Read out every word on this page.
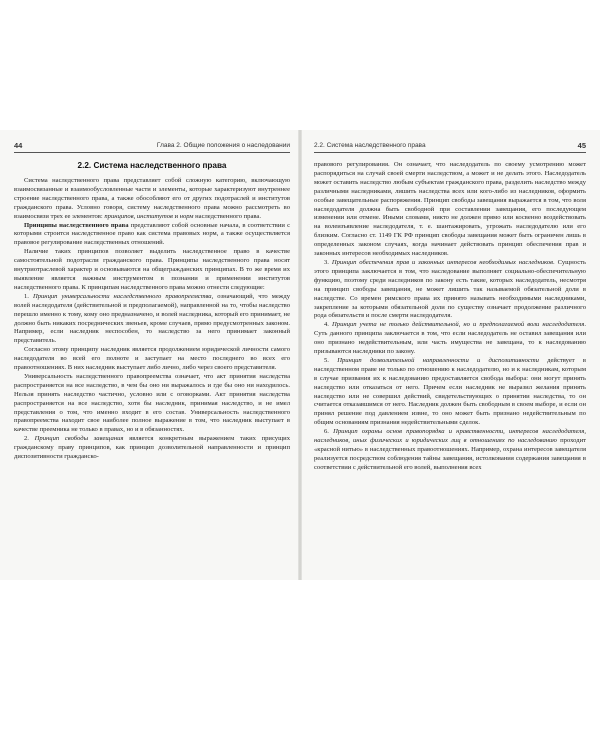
44	Глава 2. Общие положения о наследовании
2.2. Система наследственного права

Система наследственного права представляет собой сложную категорию, включающую взаимосвязанные и взаимообусловленные части и элементы, которые характеризуют внутреннее строение наследственного права, а также обособляют его от других подотраслей и институтов гражданского права. Условно говоря, систему наследственного права можно рассмотреть во взаимосвязи трех ее элементов: принципов, институтов и норм наследственного права.

Принципы наследственного права представляют собой основные начала, в соответствии с которыми строится наследственное право как система правовых норм, а также осуществляется правовое регулирование наследственных отношений.

Наличие таких принципов позволяет выделить наследственное право в качестве самостоятельной подотрасли гражданского права. Принципы наследственного права носят внутриотраслевой характер и основываются на общегражданских принципах. В то же время их выявление является важным инструментом в познании и применении институтов наследственного права. К принципам наследственного права можно отнести следующие:

1. Принцип универсальности наследственного правопреемства, означающий, что между волей наследодателя (действительной и предполагаемой), направленной на то, чтобы наследство перешло именно к тому, кому оно предназначено, и волей наследника, который его принимает, не должно быть никаких посреднических звеньев, кроме случаев, прямо предусмотренных законом. Например, если наследник неспособен, то наследство за него принимает законный представитель.

Согласно этому принципу наследник является продолжением юридической личности самого наследодателя во всей его полноте и заступает на место последнего во всех его правоотношениях. В них наследник выступает либо лично, либо через своего представителя.

Универсальность наследственного правопреемства означает, что акт принятия наследства распространяется на все наследство, в чем бы оно ни выражалось и где бы оно ни находилось. Нельзя принять наследство частично, условно или с оговорками. Акт принятия наследства распространяется на все наследство, хотя бы наследник, принимая наследство, и не имел представления о том, что именно входит в его состав. Универсальность наследственного правопреемства находит свое наиболее полное выражение в том, что наследник выступает в качестве преемника не только в правах, но и в обязанностях.

2. Принцип свободы завещания является конкретным выражением таких присущих гражданскому праву принципов, как принцип дозволительной направленности и принцип диспозитивности гражданско-

2.2. Система наследственного права	45

правового регулирования. Он означает, что наследодатель по своему усмотрению может распорядиться на случай своей смерти наследством, а может и не делать этого. Наследодатель может оставить наследство любым субъектам гражданского права, разделить наследство между различными наследниками, лишить наследства всех или кого-либо из наследников, оформить особые завещательные распоряжения. Принцип свободы завещания выражается в том, что воля наследодателя должна быть свободной при составлении завещания, его последующем изменении или отмене. Иными словами, никто не должен прямо или косвенно воздействовать на волеизъявление наследодателя, т. е. шантажировать, угрожать наследодателю или его близким. Согласно ст. 1149 ГК РФ принцип свободы завещания может быть ограничен лишь в определенных законом случаях, когда начинает действовать принцип обеспечения прав и законных интересов необходимых наследников.

3. Принцип обеспечения прав и законных интересов необходимых наследников. Сущность этого принципа заключается в том, что наследование выполняет социально-обеспечительную функцию, поэтому среди наследников по закону есть такие, которых наследодатель, несмотря на принцип свободы завещания, не может лишить так называемой обязательной доли в наследстве. Со времен римского права их принято называть необходимыми наследниками, закрепление за которыми обязательной доли по существу означает продолжение различного рода обязательств и после смерти наследодателя.

4. Принцип учета не только действительной, но и предполагаемой воли наследодателя. Суть данного принципа заключается в том, что если наследодатель не оставил завещания или оно признано недействительным, или часть имущества не завещана, то к наследованию призываются наследники по закону.

5. Принцип дозволительной направленности и диспозитивности действует в наследственном праве не только по отношению к наследодателю, но и к наследникам, которым в случае призвания их к наследованию предоставляется свобода выбора: они могут принять наследство или отказаться от него. Причем если наследник не выразил желания принять наследство или не совершил действий, свидетельствующих о принятии наследства, то он считается отказавшимся от него. Наследник должен быть свободным в своем выборе, и если он принял решение под давлением извне, то оно может быть признано недействительным по общим основаниям признания недействительными сделок.

6. Принцип охраны основ правопорядка и нравственности, интересов наследодателя, наследников, иных физических и юридических лиц в отношениях по наследованию проходит «красной нитью» в наследственных правоотношениях. Например, охрана интересов завещателя реализуется посредством соблюдения тайны завещания, истолкования содержания завещания в соответствии с действительной его волей, выполнения всех
